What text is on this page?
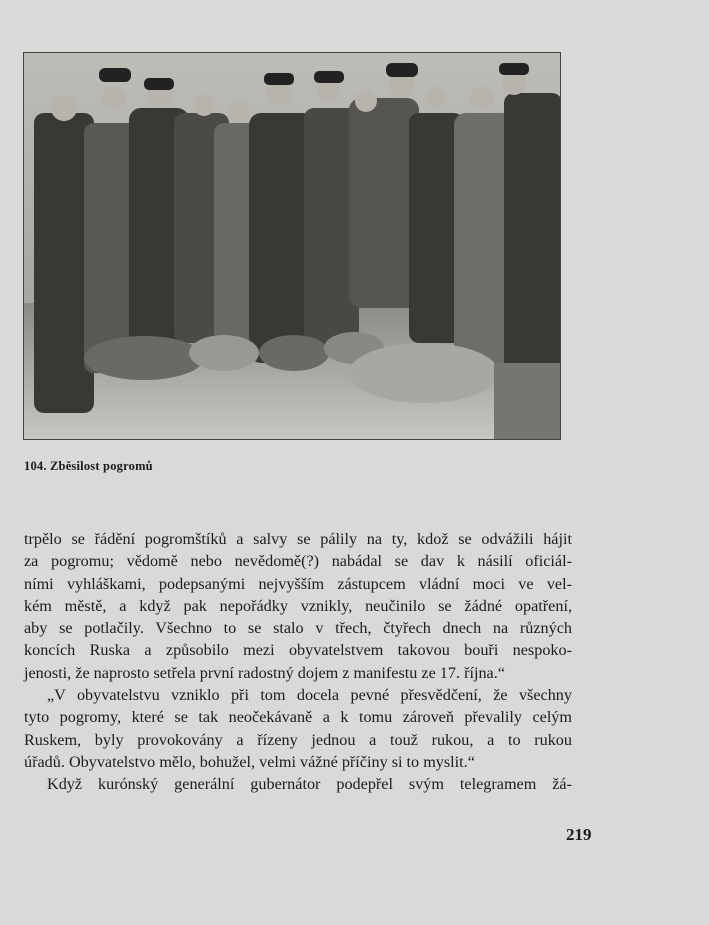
104. Zběsilost pogromů
trpělo se řádění pogromštíků a salvy se pálily na ty, kdož se odvážili hájit
za pogromu; vědomě nebo nevědomě(?) nabádal se dav k násilí oficiál-
ními vyhláškami, podepsanými nejvyšším zástupcem vládní moci ve vel-
kém městě, a když pak nepořádky vznikly, neučinilo se žádné opatření,
aby se potlačily. Všechno to se stalo v třech, čtyřech dnech na různých
koncích Ruska a způsobilo mezi obyvatelstvem takovou bouři nespoko-
jenosti, že naprosto setřela první radostný dojem z manifestu ze 17. října.“
„V obyvatelstvu vzniklo při tom docela pevné přesvědčení, že všechny
tyto pogromy, které se tak neočekávaně a k tomu zároveň převalily celým
Ruskem, byly provokovány a řízeny jednou a touž rukou, a to rukou
úřadů. Obyvatelstvo mělo, bohužel, velmi vážné příčiny si to myslit.“
Když kurónský generální gubernátor podepřel svým telegramem žá-
219
